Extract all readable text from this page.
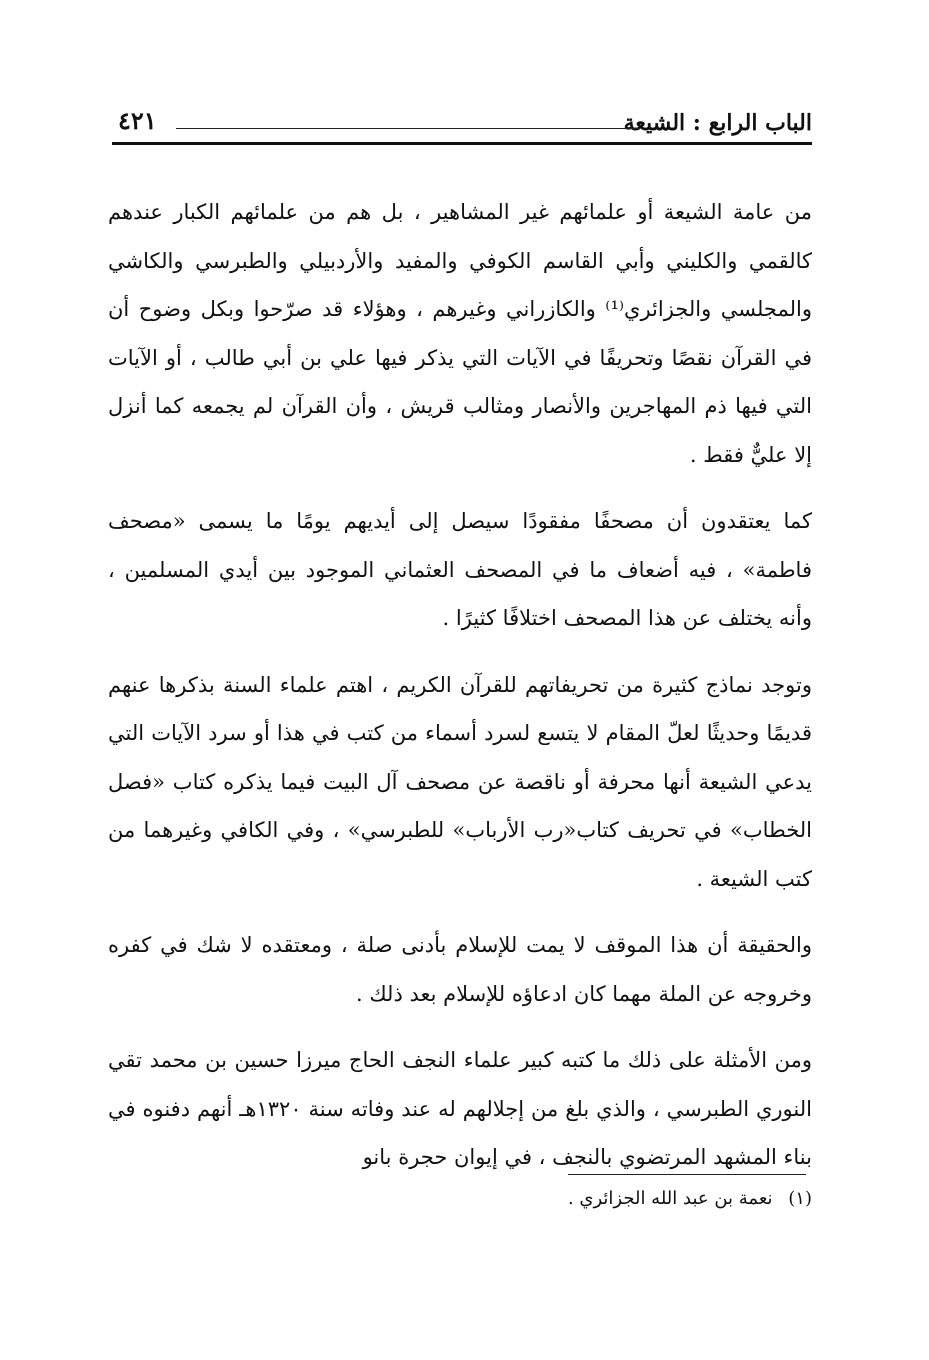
الباب الرابع : الشيعة
٤٢١

من عامة الشيعة أو علمائهم غير المشاهير ، بل هم من علمائهم الكبار عندهم كالقمي والكليني وأبي القاسم الكوفي والمفيد والأردبيلي والطبرسي والكاشي والمجلسي والجزائري⁽¹⁾ والكازراني وغيرهم ، وهؤلاء قد صرّحوا وبكل وضوح أن في القرآن نقصًا وتحريفًا في الآيات التي يذكر فيها علي بن أبي طالب ، أو الآيات التي فيها ذم المهاجرين والأنصار ومثالب قريش ، وأن القرآن لم يجمعه كما أنزل إلا عليٌّ فقط .

كما يعتقدون أن مصحفًا مفقودًا سيصل إلى أيديهم يومًا ما يسمى «مصحف فاطمة» ، فيه أضعاف ما في المصحف العثماني الموجود بين أيدي المسلمين ، وأنه يختلف عن هذا المصحف اختلافًا كثيرًا .

وتوجد نماذج كثيرة من تحريفاتهم للقرآن الكريم ، اهتم علماء السنة بذكرها عنهم قديمًا وحديثًا لعلّ المقام لا يتسع لسرد أسماء من كتب في هذا أو سرد الآيات التي يدعي الشيعة أنها محرفة أو ناقصة عن مصحف آل البيت فيما يذكره كتاب «فصل الخطاب» في تحريف كتاب«رب الأرباب» للطبرسي» ، وفي الكافي وغيرهما من كتب الشيعة .

والحقيقة أن هذا الموقف لا يمت للإسلام بأدنى صلة ، ومعتقده لا شك في كفره وخروجه عن الملة مهما كان ادعاؤه للإسلام بعد ذلك .

ومن الأمثلة على ذلك ما كتبه كبير علماء النجف الحاج ميرزا حسين بن محمد تقي النوري الطبرسي ، والذي بلغ من إجلالهم له عند وفاته سنة ١٣٢٠هـ أنهم دفنوه في بناء المشهد المرتضوي بالنجف ، في إيوان حجرة بانو

(١) نعمة بن عبد الله الجزائري .
